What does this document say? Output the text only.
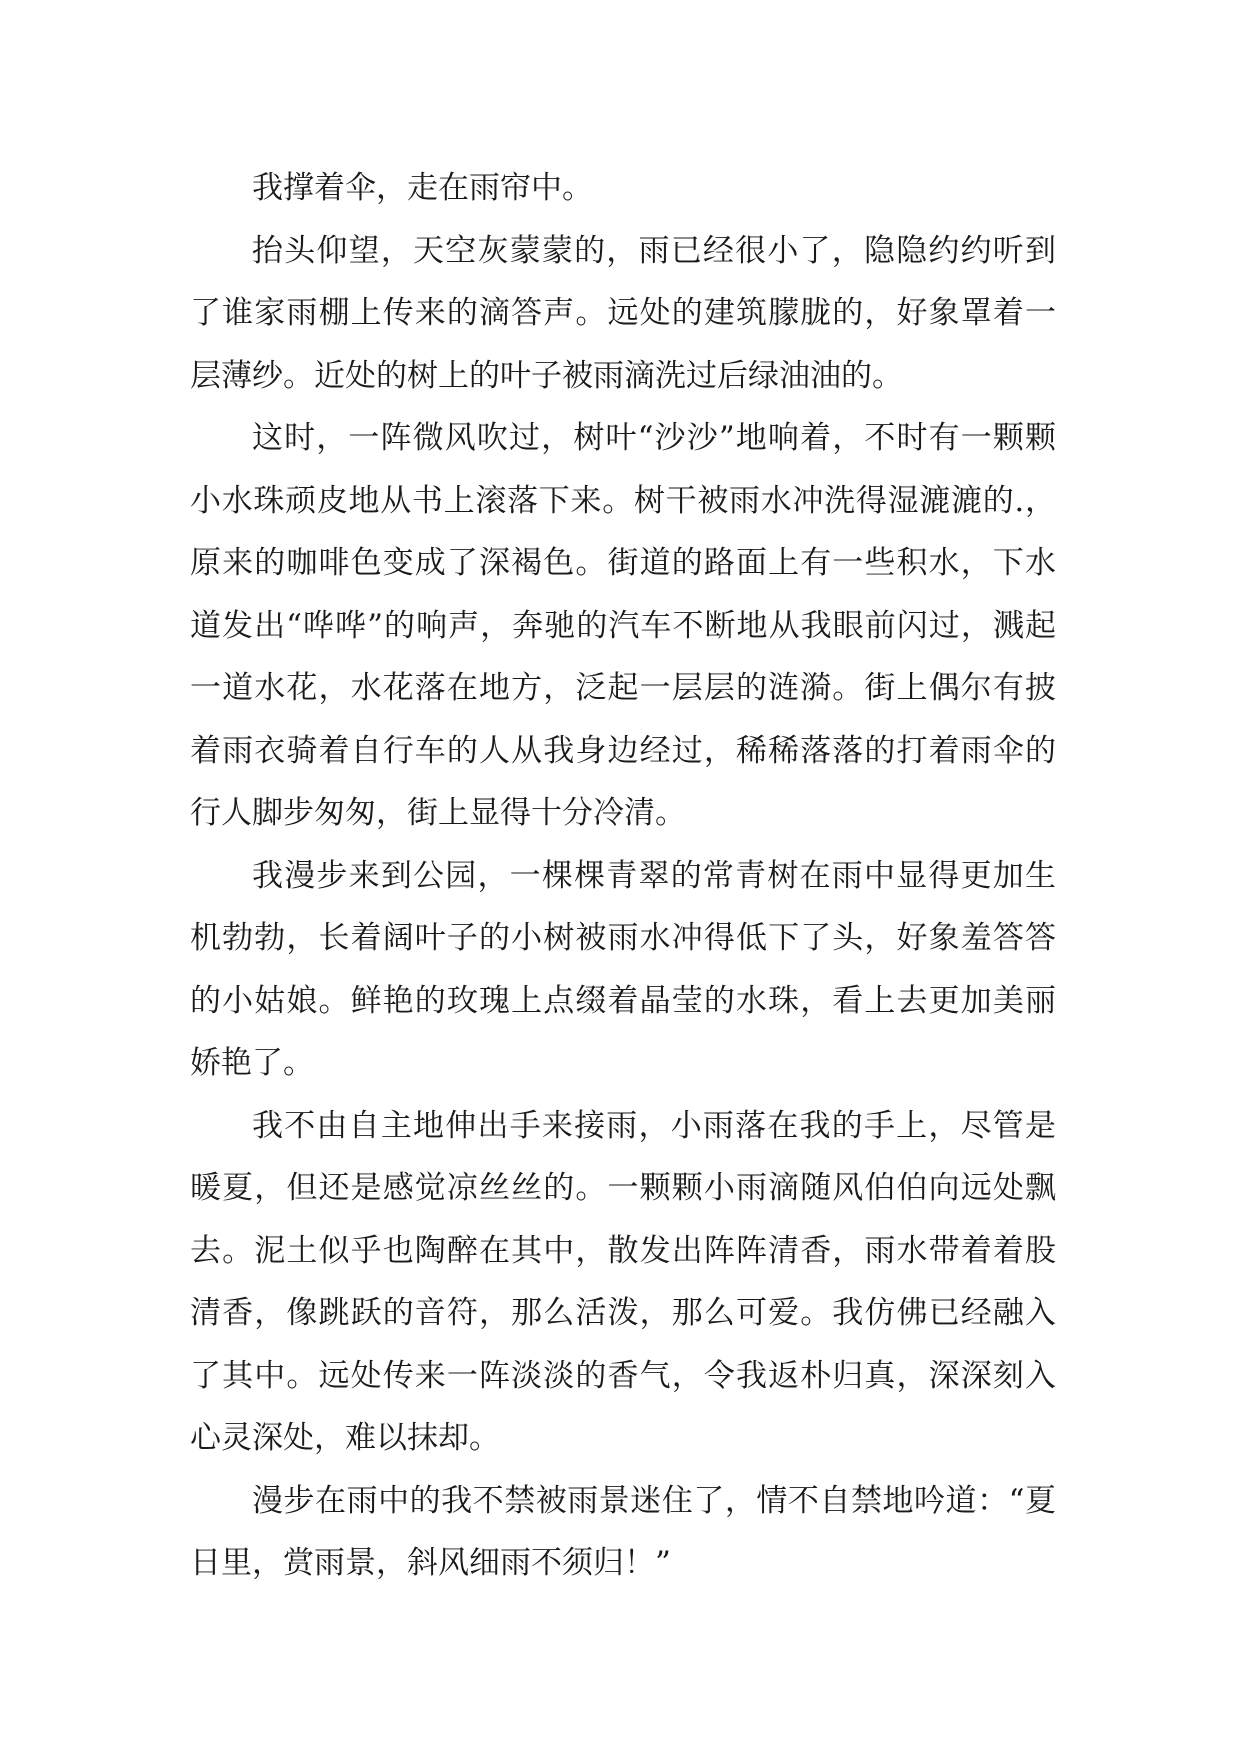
我撑着伞，走在雨帘中。

抬头仰望，天空灰蒙蒙的，雨已经很小了，隐隐约约听到了谁家雨棚上传来的滴答声。远处的建筑朦胧的，好象罩着一层薄纱。近处的树上的叶子被雨滴洗过后绿油油的。

这时，一阵微风吹过，树叶“沙沙”地响着，不时有一颗颗小水珠顽皮地从书上滚落下来。树干被雨水冲洗得湿漉漉的.，原来的咖啡色变成了深褐色。街道的路面上有一些积水，下水道发出“哗哗”的响声，奔驰的汽车不断地从我眼前闪过，溅起一道水花，水花落在地方，泛起一层层的涟漪。街上偶尔有披着雨衣骑着自行车的人从我身边经过，稀稀落落的打着雨伞的行人脚步匆匆，街上显得十分冷清。

我漫步来到公园，一棵棵青翠的常青树在雨中显得更加生机勃勃，长着阔叶子的小树被雨水冲得低下了头，好象羞答答的小姑娘。鲜艳的玫瑰上点缀着晶莹的水珠，看上去更加美丽娇艳了。

我不由自主地伸出手来接雨，小雨落在我的手上，尽管是暖夏，但还是感觉凉丝丝的。一颗颗小雨滴随风伯伯向远处飘去。泥土似乎也陶醉在其中，散发出阵阵清香，雨水带着着股清香，像跳跃的音符，那么活泼，那么可爱。我仿佛已经融入了其中。远处传来一阵淡淡的香气，令我返朴归真，深深刻入心灵深处，难以抹却。

漫步在雨中的我不禁被雨景迷住了，情不自禁地吟道：“夏日里，赏雨景，斜风细雨不须归！”
